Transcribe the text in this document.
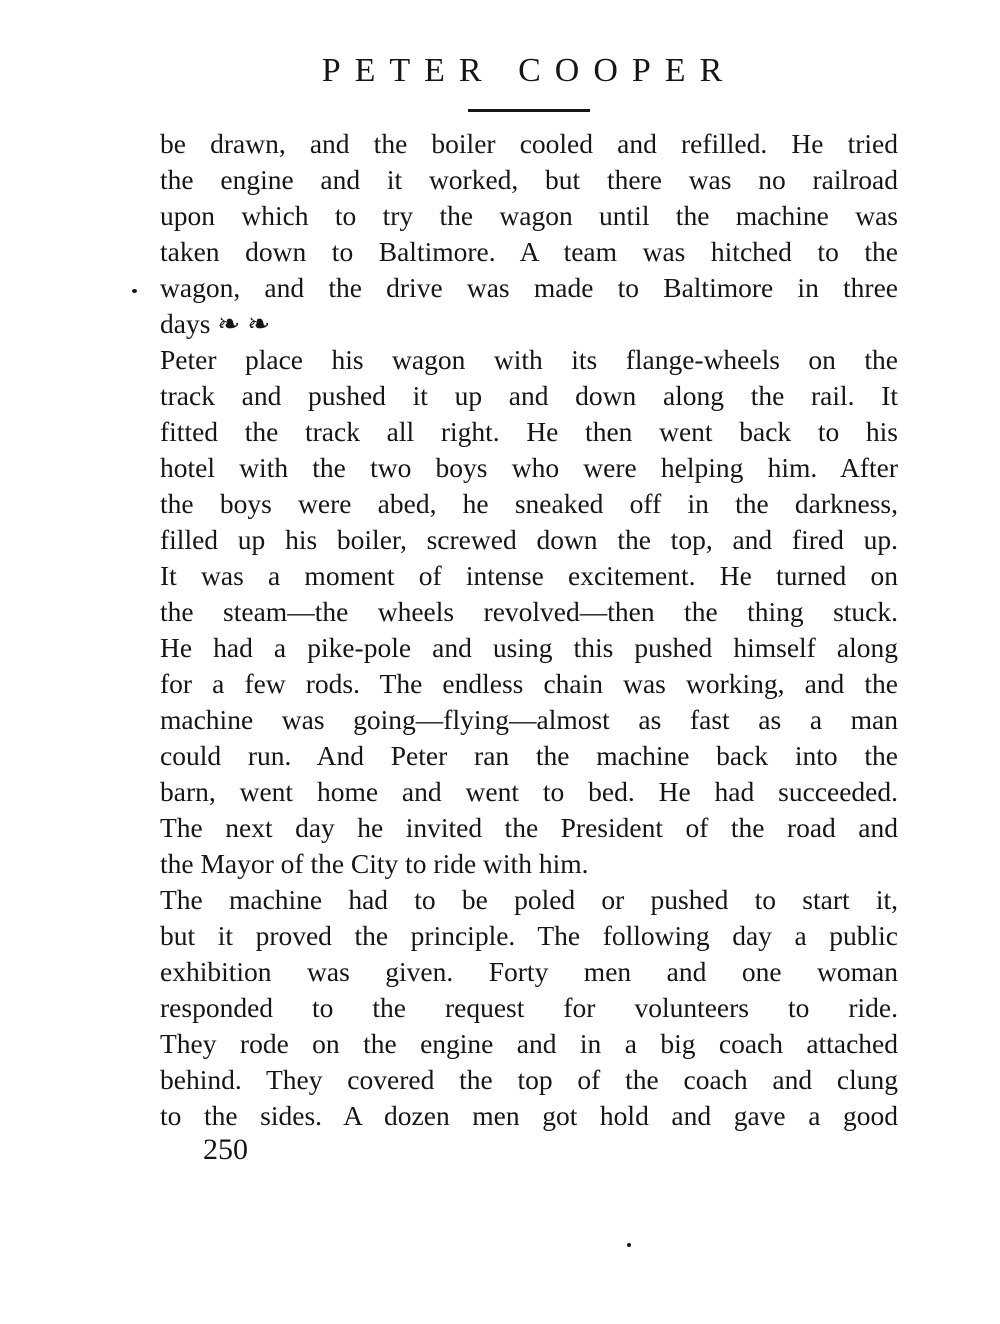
PETER COOPER
be drawn, and the boiler cooled and refilled. He tried
the engine and it worked, but there was no railroad
upon which to try the wagon until the machine was
taken down to Baltimore. A team was hitched to the
wagon, and the drive was made to Baltimore in three
days ❧ ❧
Peter place his wagon with its flange-wheels on the
track and pushed it up and down along the rail. It
fitted the track all right. He then went back to his
hotel with the two boys who were helping him. After
the boys were abed, he sneaked off in the darkness,
filled up his boiler, screwed down the top, and fired up.
It was a moment of intense excitement. He turned on
the steam—the wheels revolved—then the thing stuck.
He had a pike-pole and using this pushed himself along
for a few rods. The endless chain was working, and the
machine was going—flying—almost as fast as a man
could run. And Peter ran the machine back into the
barn, went home and went to bed. He had succeeded.
The next day he invited the President of the road and
the Mayor of the City to ride with him.
The machine had to be poled or pushed to start it,
but it proved the principle. The following day a public
exhibition was given. Forty men and one woman
responded to the request for volunteers to ride.
They rode on the engine and in a big coach attached
behind. They covered the top of the coach and clung
to the sides. A dozen men got hold and gave a good
250
